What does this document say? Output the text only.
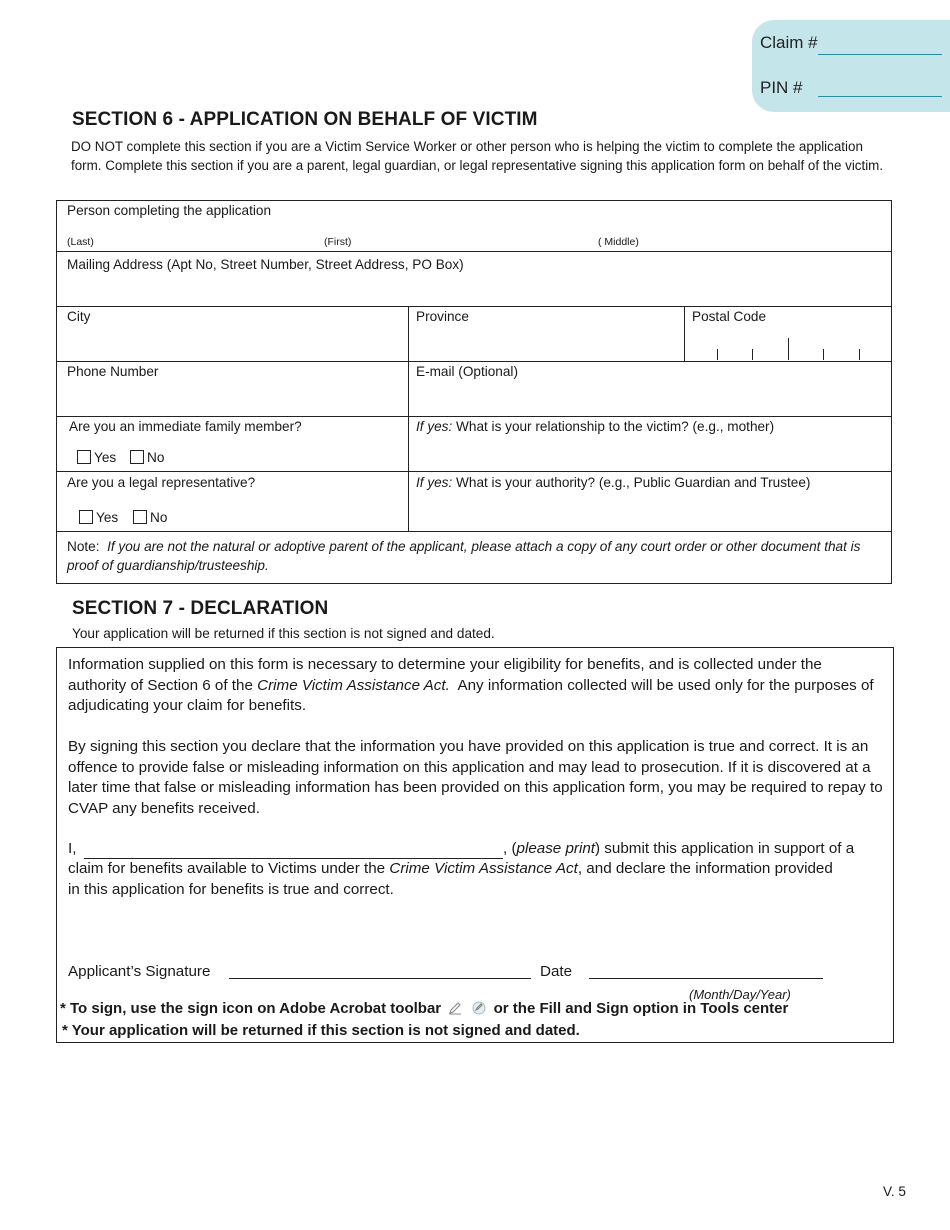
Claim #
PIN #
SECTION 6 - APPLICATION ON BEHALF OF VICTIM
DO NOT complete this section if you are a Victim Service Worker or other person who is helping the victim to complete the application form. Complete this section if you are a parent, legal guardian, or legal representative signing this application form on behalf of the victim.
Person completing the application
(Last)	(First)	( Middle)
Mailing Address (Apt No, Street Number, Street Address, PO Box)
City	Province	Postal Code
Phone Number	E-mail (Optional)
Are you an immediate family member?
Yes	No
If yes: What is your relationship to the victim? (e.g., mother)
Are you a legal representative?
Yes	No
If yes: What is your authority? (e.g., Public Guardian and Trustee)
Note: If you are not the natural or adoptive parent of the applicant, please attach a copy of any court order or other document that is proof of guardianship/trusteeship.
SECTION 7 - DECLARATION
Your application will be returned if this section is not signed and dated.
Information supplied on this form is necessary to determine your eligibility for benefits, and is collected under the authority of Section 6 of the Crime Victim Assistance Act. Any information collected will be used only for the purposes of adjudicating your claim for benefits.
By signing this section you declare that the information you have provided on this application is true and correct. It is an offence to provide false or misleading information on this application and may lead to prosecution. If it is discovered at a later time that false or misleading information has been provided on this application form, you may be required to repay to CVAP any benefits received.
I,	, (please print) submit this application in support of a
claim for benefits available to Victims under the Crime Victim Assistance Act, and declare the information provided
in this application for benefits is true and correct.
Applicant’s Signature	Date
(Month/Day/Year)
* To sign, use the sign icon on Adobe Acrobat toolbar	or the Fill and Sign option in Tools center
* Your application will be returned if this section is not signed and dated.
V. 5
